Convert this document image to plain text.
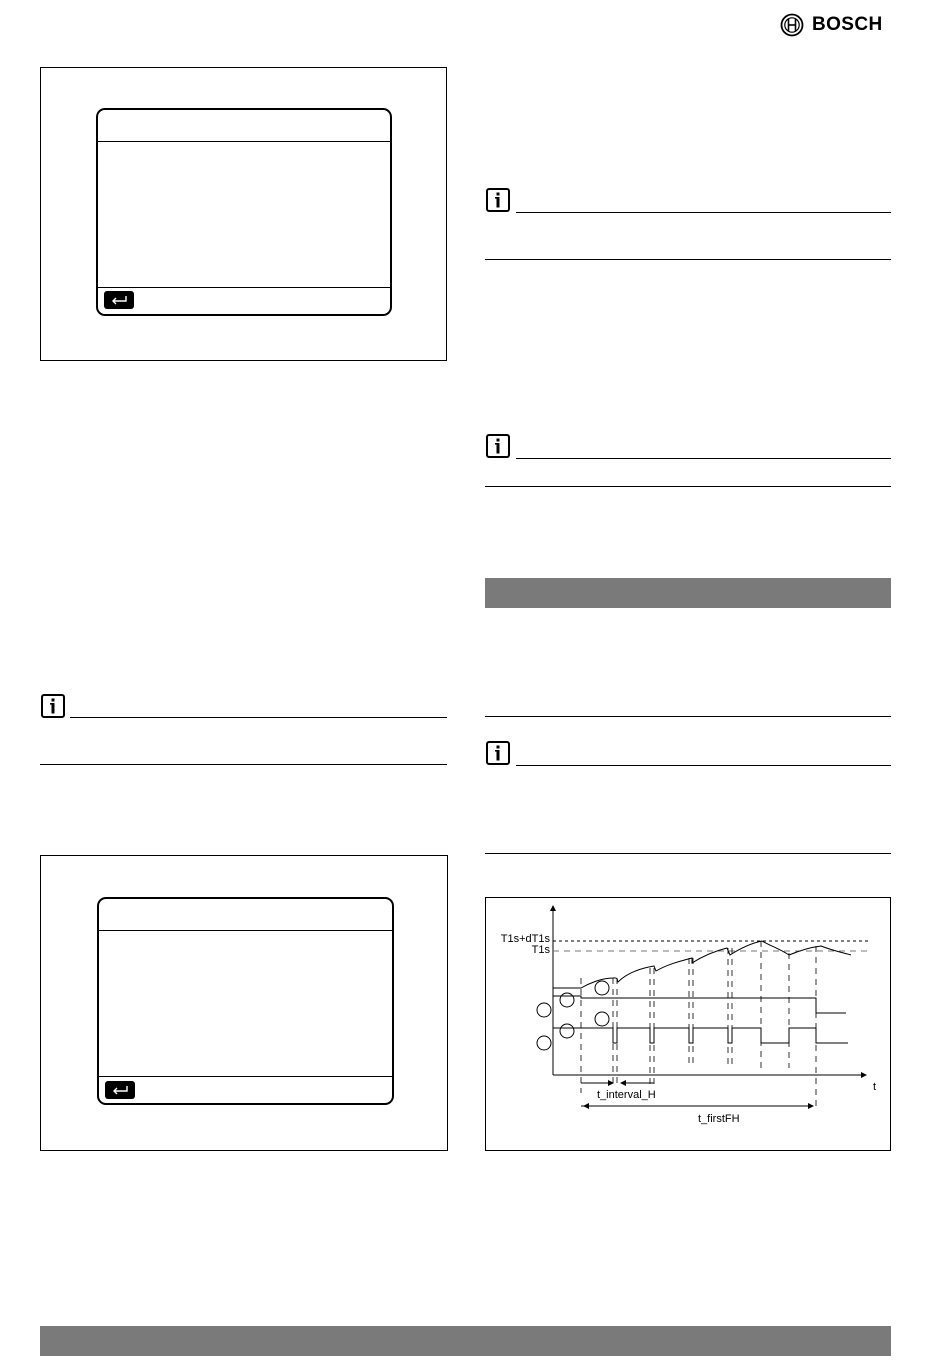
BOSCH
T1s+dT1s
T1s
t
t_interval_H
t_firstFH
